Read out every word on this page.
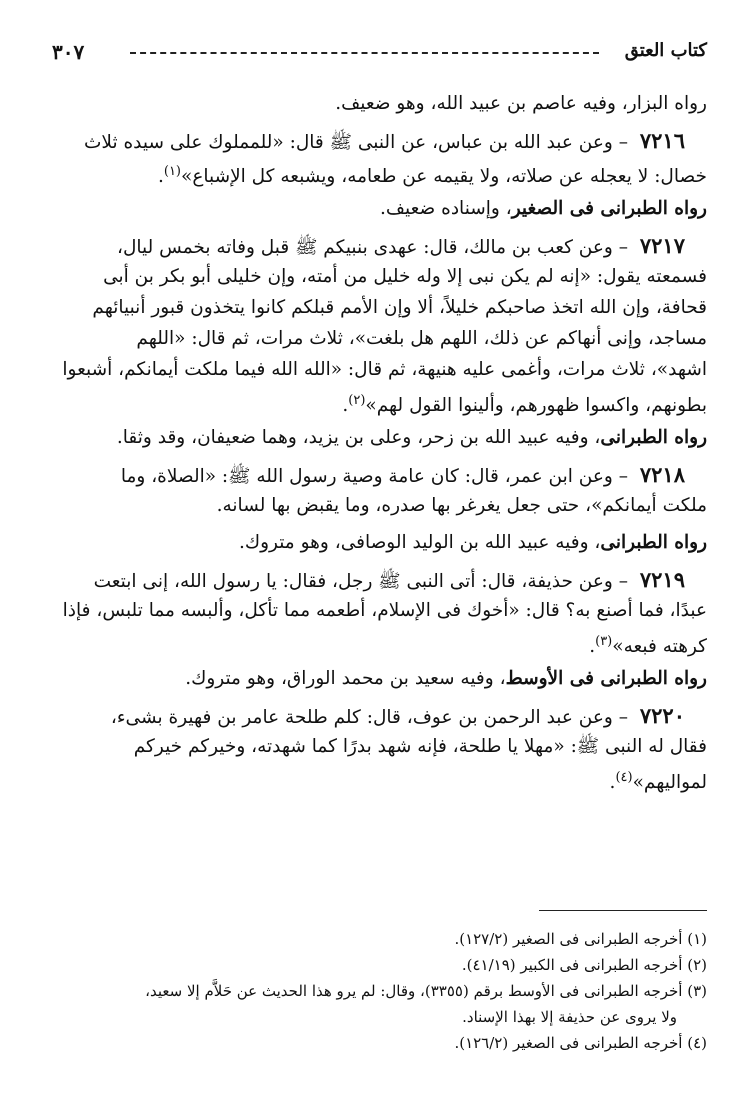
كتاب العتق
٣٠٧
رواه البزار، وفيه عاصم بن عبيد الله، وهو ضعيف.
٧٢١٦ – وعن عبد الله بن عباس، عن النبى ﷺ قال: «للمملوك على سيده ثلاث
خصال: لا يعجله عن صلاته، ولا يقيمه عن طعامه، ويشبعه كل الإشباع»$^{(١)}$.
رواه الطبرانى فى الصغير، وإسناده ضعيف.
٧٢١٧ – وعن كعب بن مالك، قال: عهدى بنبيكم ﷺ قبل وفاته بخمس ليال،
فسمعته يقول: «إنه لم يكن نبى إلا وله خليل من أمته، وإن خليلى أبو بكر بن أبى
قحافة، وإن الله اتخذ صاحبكم خليلاً، ألا وإن الأمم قبلكم كانوا يتخذون قبور أنبيائهم
مساجد، وإنى أنهاكم عن ذلك، اللهم هل بلغت»، ثلاث مرات، ثم قال: «اللهم
اشهد»، ثلاث مرات، وأغمى عليه هنيهة، ثم قال: «الله الله فيما ملكت أيمانكم، أشبعوا
بطونهم، واكسوا ظهورهم، وألينوا القول لهم»$^{(٢)}$.
رواه الطبرانى، وفيه عبيد الله بن زحر، وعلى بن يزيد، وهما ضعيفان، وقد وثقا.
٧٢١٨ – وعن ابن عمر، قال: كان عامة وصية رسول الله ﷺ: «الصلاة، وما
ملكت أيمانكم»، حتى جعل يغرغر بها صدره، وما يقبض بها لسانه.
رواه الطبرانى، وفيه عبيد الله بن الوليد الوصافى، وهو متروك.
٧٢١٩ – وعن حذيفة، قال: أتى النبى ﷺ رجل، فقال: يا رسول الله، إنى ابتعت
عبدًا، فما أصنع به؟ قال: «أخوك فى الإسلام، أطعمه مما تأكل، وألبسه مما تلبس، فإذا
كرهته فبعه»$^{(٣)}$.
رواه الطبرانى فى الأوسط، وفيه سعيد بن محمد الوراق، وهو متروك.
٧٢٢٠ – وعن عبد الرحمن بن عوف، قال: كلم طلحة عامر بن فهيرة بشىء،
فقال له النبى ﷺ: «مهلا يا طلحة، فإنه شهد بدرًا كما شهدته، وخيركم خيركم
لمواليهم»$^{(٤)}$.
(١) أخرجه الطبرانى فى الصغير (١٢٧/٢).
(٢) أخرجه الطبرانى فى الكبير (٤١/١٩).
(٣) أخرجه الطبرانى فى الأوسط برقم (٣٣٥٥)، وقال: لم يرو هذا الحديث عن حَلاَّم إلا سعيد،
ولا يروى عن حذيفة إلا بهذا الإسناد.
(٤) أخرجه الطبرانى فى الصغير (١٢٦/٢).
